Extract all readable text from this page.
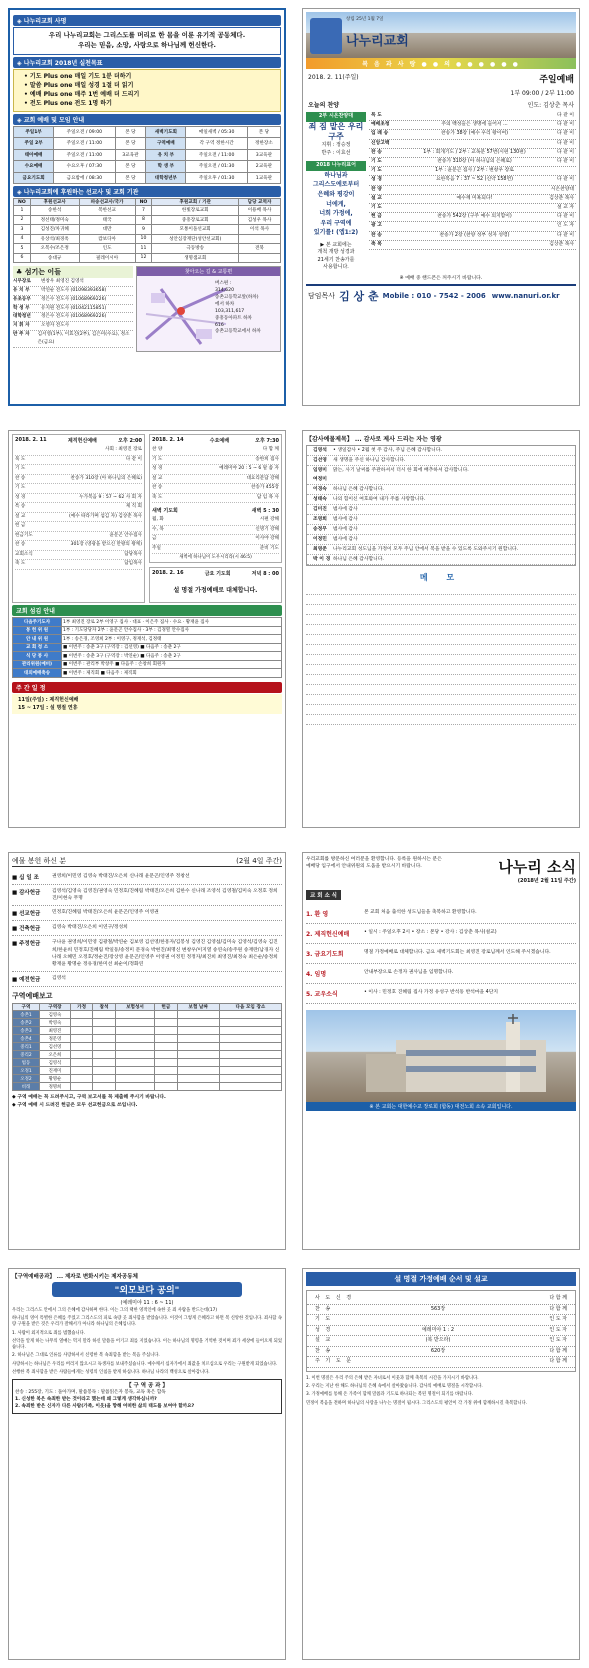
◈ 나누리교회 사명
우리 나누리교회는 그리스도를 머리로 한 몸을 이룬 유기적 공동체다.
우리는 믿음, 소망, 사랑으로 하나님께 헌신한다.
◈ 나누리교회 2018년 실천목표
• 기도 Plus one 매일 기도 1분 더하기
• 말씀 Plus one 매일 성경 1절 더 읽기
• 예배 Plus one 매주 1번 예배 더 드리기
• 전도 Plus one 전도 1명 하기
◈ 교회 예배 및 모임 안내
주일1부	주일오전 / 09:00	본 당	새벽기도회	매일새벽 / 05:30	본 당
주일 2부	주일오전 / 11:00	본 당	구역예배	각 구역 정한시간	정한장소
태아예배	주일오전 / 11:00	3교육관	유 치 부	주일오전 / 11:00	3교육관
수요예배	수요오후 / 07:30	본 당	학 생 부	주일오전 / 01:30	2교육관
금요기도회	금요밤에 / 08:30	본 당	대학청년부	주일오후 / 01:30	1교육관
◈ 나누리교회에 후원하는 선교사 및 교회 기관
NO	후원선교사	파송선교사/국가	NO	후원교회 / 기관	담당 교역자
1	송한석	복한선교	7	한빛장로교회	이용배 목사
2	정선태/정미숙	태국	8	중흥장로교회	김성우 목사
3	김성진/차귀혜	대만	9	모퉁이돌선교회	이석 목사
4	유상석/최경옥	캄보디아	10	성안심장재단(성안선교회)	
5	오복수/조은정	인도	11	극동방송	전북
6	송대규	필레이시아	12	생명샘교회	
♣ 섬기는 이들
시무장로	변창우 최영진 김영석
유 치 부	박연순 전도사 (01098393658)
유초등부	정은수 전도사 (01068969226)
학 생 부	유지원 전도사 (01042115851)
대학청년	정은수 전도사 (01068969226)
지 휘 자	오영자 전도사
반 주 자	김서영(1부), 이효진(2부), 김은미(수요), 정소은(금요)
찾아오는 길 & 교통편
버스편 :
314,620
송촌고등학교앞(하차)
에서 하차
103,311,617
중흥동아파트 하차
616
송촌고등학교에서 하차
창립 25년 1월 7일
나누리교회
복 음 과 사 랑 ● ● 의 ● ● ● ● ● ●
2018. 2. 11(주일)	주일예배
1부 09:00 / 2부 11:00
오늘의 찬양	인도: 김상춘 목사
2부 시온찬양대
죄 짐 맡은 우리 구주
지휘 : 정승정
반주 : 이효선
2018 나누리표어
하나님과
그리스도에로부터
은혜와 평강이
너에게,
너희 가정에,
우리 구역에
있기를! (엡1:2)
▶ 본 교회에는
개척 개방 성경과
21세기 찬송가를
사용합니다.
묵 도	다 같 이
예배초청	주의 백성들은 생명에 들어서 ...	다 같 이
입 례 송	찬송가 38장 (예수 우리 왕이여)	다 같 이
신앙고백	다 같 이
찬 송	1부 : 회개기도 / 2부 : 교독문 57번(시편 130편)	다 같 이
기 도	찬송가 310장 (아 하나님의 은혜로)	다 같 이
기 도	1부 : 윤문곤 집사 / 2부 : 변창우 장로
성 경	요한복음 7 : 37 ~ 52 (신약 158면)	다 같 이
찬 양	시온찬양대
설 교	예수께 미혹되다!	김상춘 목사
기 도	설 교 자
헌 금	찬송가 542장 (구주 예수 의지함이)	다 같 이
광 고	인 도 자
찬 송	찬송가 2장 (찬양 성부 성자 성령)	다 같 이
축 복	김상춘 목사
※ 예배 중 핸드폰은 꺼주시기 바랍니다.
담임목사 김 상 춘 Mobile : 010 - 7542 - 2006 www.nanuri.or.kr
2018. 2. 11	제직헌신예배	오후 2:00
사회 : 최영진 장로
묵 도	다 같 이
기 도
찬 송	찬송가 310장 (아 하나님의 은혜로)
기 도
성 경	누가복음 9 : 57 ~ 62 사 회 자
특 송	제 직 회
설 교	(예수 따라가며 섬김 자) 김상춘 목사
헌 금
헌금기도	윤문곤 안수집사
찬 송	301장 (영광을 받으신 만왕의 왕께)
교회소식	담당목사
축 도	담임목사
2018. 2. 14	수요예배	오후 7:30
찬 양	다 함 께
기 도	송한희 집사
성 경	예레미야 20 : 5 ~ 6 말 씀 자
설 교	대요리문답 강해
찬 송	찬송가 455장
축 도	담 임 목 사
새벽 기도회	새벽 5 : 30
월, 화	시편 강해
수, 목	신명기 강해
금	이사야 강해
주일	준비 기도
새벽에 하나님이 도우시리라(시 46:5)
2018. 2. 16	금요 기도회	저녁 8 : 00
설 명절 가정예배로 대체합니다.
교회 섬김 안내
다음주기도자	1부 최영진 장로 2부 이영구 집사 · 대표 · 이은주 집사 · 수요 · 황재윤 집사
봉 헌 위 원	1부 : 기도당당자 2부 : 윤문곤 안수집사 · 3부 : 김경열 안수집사
안 내 위 원	1부 : 송은경, 조영희 2부 : 이영구, 정재석, 김정태
교 회 청 소	■ 이번주 : 송춘 3구 (구역장 : 김선영) ■ 다음주 : 송춘 2구
식 당 봉 사	■ 이번주 : 송춘 3구 (구역장 : 박연순) ■ 다음주 : 송춘 2구
관리위원(예비)	■ 이번주 : 관리부 박창주 ■ 다음주 : 손창희 회원자
대외예배축송	■ 이번주 : 제직회 ■ 다음주 : 제직회
주 간 일 정
11일(주일) : 제직헌신예배
15 ~ 17일 : 설 명절 연휴
【감사예물제목】 ... 감사로 제사 드리는 자는 영광
김영석	• 생일감사 • 2월 첫 주 감사, 주님 은혜 감사합니다.
김선영	새 생명을 주신 하나님 감사합니다.
임영미 여정미
맑는, 사기 날씨를 주관하셔서 더시 한 회에 배추하셔 감사합니다.
이경숙	하나님 은혜 감사합니다.
성태숙	나의 힘이신 여호와여 내가 주를 사랑합니다.
김미진	범사에 감사
조영희	범사에 감사
송정무	범사에 감사
이정민	범사에 감사
최영준	나누리교회 성도님을 가정이 모두 주님 안에서 복을 받을 수 있도록 도와주시기 원합니다.
박 이 경 하나님 은혜 감사합니다.
메 모
예물 봉헌 하신 분	(2월 4일 주간)
■ 십 일 조	권영희/이민영 김영숙 박태진/오은희 신나래 윤문곤/인영주 정창선
■ 감사헌금	김영석/김영숙 김영진/권영숙 민정호/진혜림 박태진/오은희 김한수 신나래 조영석 김영철/김미숙 오정호 정희진/이현숙 무명
■ 선교헌금	민정호/진혜림 박태진/오은희 윤문곤/인영주 이영권
■ 건축헌금	김영숙 박태진/오은희 이연구/정성희
■ 주정헌금	구나윤 권영희/이민영 김광철/박연순 김보영 김선영/한흥자/김봉성 김영진 김영섭/김미숙 김영석/김영숙 김진희/한윤희 민정호/진혜림 박일동/송정미 문경숙 박현진/최명신 변창우/이지열 송연숙/송주원 송재란/남경자 신나래 오혜민 오정호/정순진/장상영 윤문곤/인영주 이영권 이정민 정정자/최진희 최영진/최정숙 최은순/송정희 황재윤 황명순 정유경/한미선 최순이/정화연
■ 예전헌금	김영석
구역예배보고
구역	구역장	가정	참석	보험성서	헌금	보험 날짜	다음 모임 장소
송촌1	김영숙						
송촌2	박영숙						
송촌3	최영진						
송촌4	정문영						
중리1	김선영						
중리2	오은희						
법동	김영석						
오정1	진재미						
오정2	황명순						
비래	정명희						
◆ 구역 예배는 꼭 드려주시고, 구역 보고서를 꼭 제출해 주시기 바랍니다.
◆ 구역 예배 시 드려진 헌금은 모두 선교헌금으로 쓰입니다.
우리교회를 방문하신 여러분을 환영합니다. 등록을 원하시는 분은 예배당 입구에서 안내위원의 도움을 받으시기 바랍니다.	나누리 소식
(2018년 2월 11일 주간)
교 회 소 식
1. 환 영	본 교회 처음 출석한 성도님들을 축복하고 환영합니다.
2. 제직헌신예배	• 일시 : 주일오후 2시 • 장소 : 본당 • 강사 : 김상춘 목사(설교)
3. 금요기도회	명절 가정예배로 대체합니다. 금요 새벽기도회는 최영진 장로님께서 인도해 주시겠습니다.
4. 임명	안내부장으로 손정자 권사님을 임명합니다.
5. 교우소식	• 이사 : 민정호 진혜림 집사 가정 유성구 반석동 반석마을 4단지
※ 본 교회는 대한예수교 장로회 (합동) 대전노회 소속 교회입니다.
【구역예배공과】 ... 제자로 변화시키는 제자공동체
"외모보다 공의"
(예레미야 11 : 6 ~ 11)

우리는 그리스도 안에서 그의 은혜에 감사하며 한다. 이는 그의 택한 영적인에 속한 곳 죄 사람을 반드는데(17)

하나님의 영이 특별한 은혜를 주었고 그리스도의 피로 속량 곳 죄사함을 받았습니다. 이것이 그렇게 은혜라고 하면 복 신앙한 것입니다. 죄사함 속량 구원을 받은 것은 우리가 잘해서가 아니라 하나님의 은혜입니다.

1. 사람이 외지적으로 죄를 범했습니다.

선악을 알게 하는 나무의 열매는 먹지 말라 하신 말씀을 어기고 죄를 지었습니다. 이는 하나님의 명령을 거역한 것이며 죄가 세상에 들어오게 되었습니다.

2. 하나님은 그대로 인류를 사랑하셔서 신령한 복 속죄함을 받는 복음 주십니다.

사랑하시는 하나님은 우리를 버리지 않으시고 독생자를 보내주셨습니다. 예수께서 십자가에서 죄값을 치르심으로 우리는 구원받게 되었습니다.

선행한 복 죄사함을 받은 사람들에게는 성령의 인침을 받게 하십니다. 하나님 나라의 백성으로 살아갑니다.

【 구 역 공 과 】
찬송 : 255장, 기도 : 돌아가며, 말씀봉독 : 말씀읽은자 봉독, 교독 혹은 합독
1. 신성한 복은 속죄한 받는 것이라고 했는데 왜 그렇게 생각하십니까?
2. 속죄한 받은 신자가 다른 사람(가족, 이웃)을 향해 어떠한 삶의 태도를 보여야 할까요?
설 명절 가정예배 순서 및 설교
사 도 신 경	다 함 께
찬 송	563장	다 함 께
기 도	인 도 자
성 경	예레미야 1 : 2	인 도 자
설 교	(복 받으라)	인 도 자
찬 송	620장	다 함 께
주 기 도 문	다 함 께

1. 이번 명절은 우리 주의 은혜 받은 자녀로서 이웃과 함께 축복의 시간을 가지시기 바랍니다.

2. 우리는 지난 한 해도 하나님의 은혜 속에서 살아왔습니다. 감사의 예배로 명절을 시작합시다.

3. 가정예배를 통해 온 가족이 함께 말씀과 기도로 하나되는 복된 명절이 되기를 바랍니다.

민정이 복음을 전하며 하나님의 사랑을 나누는 명절이 됩시다. 그리스도의 평안이 각 가정 위에 함께하시길 축복합니다.
